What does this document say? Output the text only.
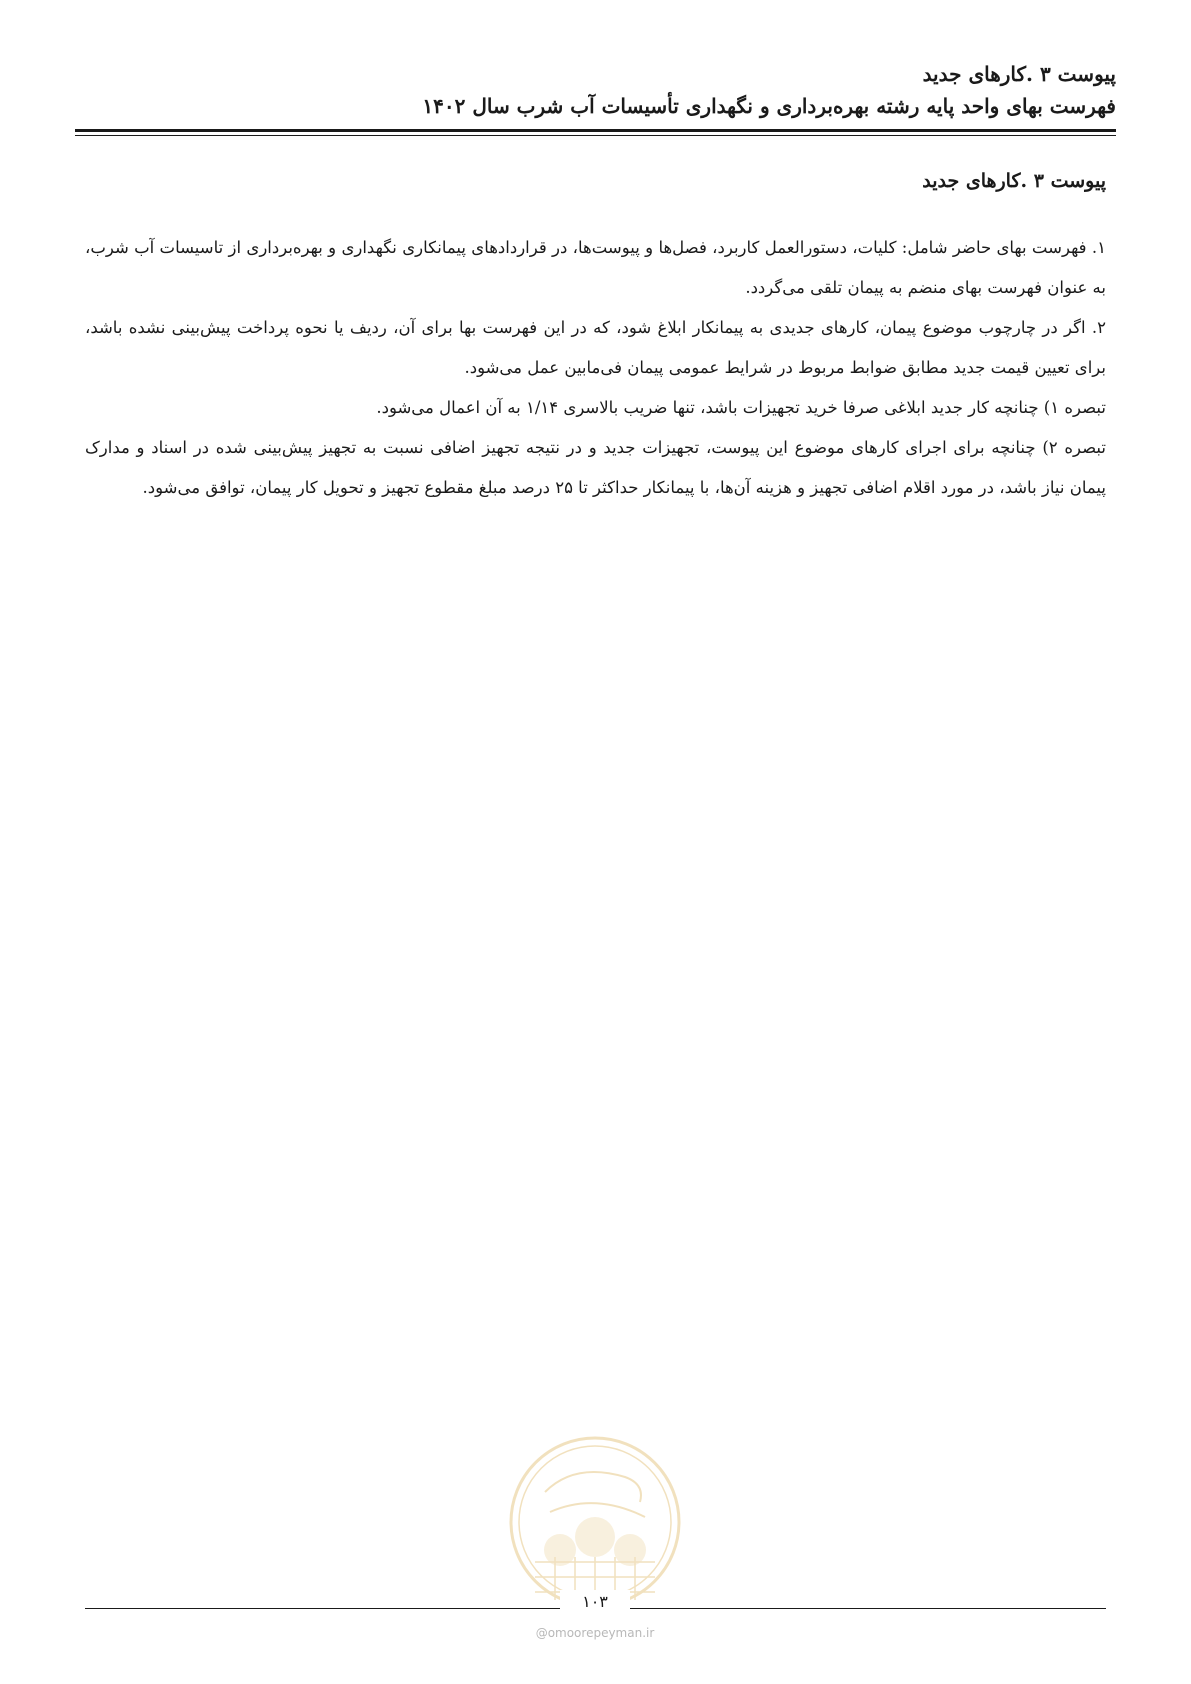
پیوست ۳ .کارهای جدید
فهرست بهای واحد پایه رشته بهره‌برداری و نگهداری تأسیسات آب شرب سال ۱۴۰۲
پیوست ۳ .کارهای جدید

۱. فهرست بهای حاضر شامل: کلیات، دستورالعمل کاربرد، فصل‌ها و پیوست‌ها، در قراردادهای پیمانکاری نگهداری و بهره‌برداری از تاسیسات آب شرب، به عنوان فهرست بهای منضم به پیمان تلقی می‌گردد.

۲. اگر در چارچوب موضوع پیمان، کارهای جدیدی به پیمانکار ابلاغ شود، که در این فهرست بها برای آن، ردیف یا نحوه پرداخت پیش‌بینی نشده باشد، برای تعیین قیمت جدید مطابق ضوابط مربوط در شرایط عمومی پیمان فی‌مابین عمل می‌شود.

تبصره ۱) چنانچه کار جدید ابلاغی صرفا خرید تجهیزات باشد، تنها ضریب بالاسری ۱/۱۴ به آن اعمال می‌شود.

تبصره ۲) چنانچه برای اجرای کارهای موضوع این پیوست، تجهیزات جدید و در نتیجه تجهیز اضافی نسبت به تجهیز پیش‌بینی شده در اسناد و مدارک پیمان نیاز باشد، در مورد اقلام اضافی تجهیز و هزینه آن‌ها، با پیمانکار حداکثر تا ۲۵ درصد مبلغ مقطوع تجهیز و تحویل کار پیمان، توافق می‌شود.

۱۰۳
@omoorepeyman.ir
